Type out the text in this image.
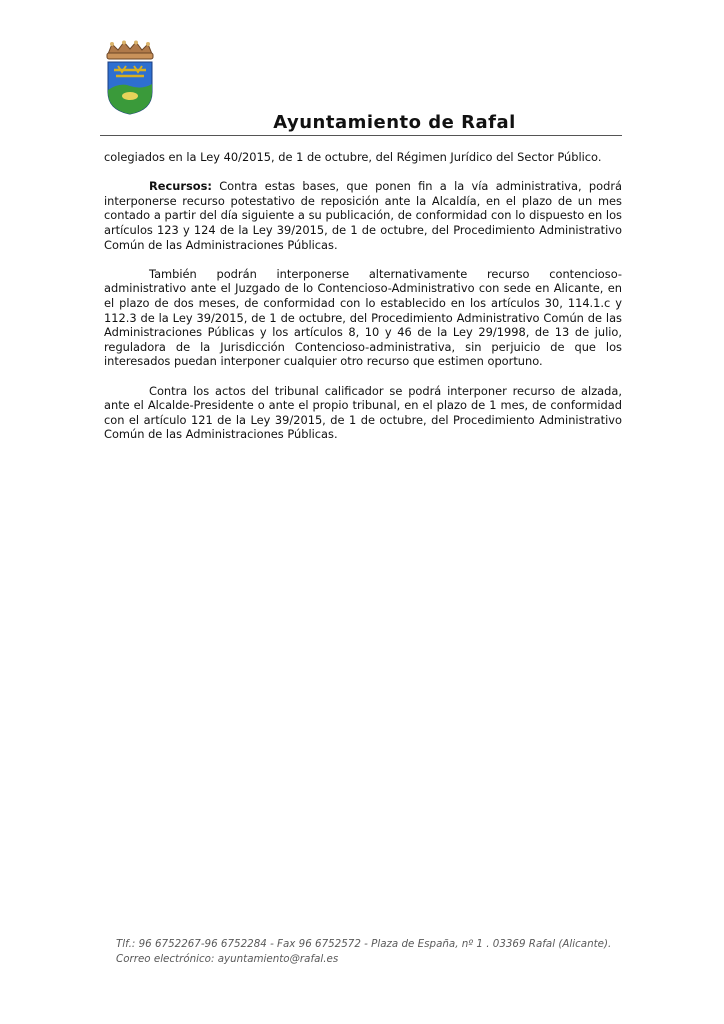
Ayuntamiento de Rafal

colegiados en la Ley 40/2015, de 1 de octubre, del Régimen Jurídico del Sector Público.

Recursos: Contra estas bases, que ponen fin a la vía administrativa, podrá interponerse recurso potestativo de reposición ante la Alcaldía, en el plazo de un mes contado a partir del día siguiente a su publicación, de conformidad con lo dispuesto en los artículos 123 y 124 de la Ley 39/2015, de 1 de octubre, del Procedimiento Administrativo Común de las Administraciones Públicas.

También podrán interponerse alternativamente recurso contencioso-administrativo ante el Juzgado de lo Contencioso-Administrativo con sede en Alicante, en el plazo de dos meses, de conformidad con lo establecido en los artículos 30, 114.1.c y 112.3 de la Ley 39/2015, de 1 de octubre, del Procedimiento Administrativo Común de las Administraciones Públicas y los artículos 8, 10 y 46 de la Ley 29/1998, de 13 de julio, reguladora de la Jurisdicción Contencioso-administrativa, sin perjuicio de que los interesados puedan interponer cualquier otro recurso que estimen oportuno.

Contra los actos del tribunal calificador se podrá interponer recurso de alzada, ante el Alcalde-Presidente o ante el propio tribunal, en el plazo de 1 mes, de conformidad con el artículo 121 de la Ley 39/2015, de 1 de octubre, del Procedimiento Administrativo Común de las Administraciones Públicas.

Tlf.: 96 6752267-96 6752284 - Fax 96 6752572 - Plaza de España, nº 1 . 03369 Rafal (Alicante).
Correo electrónico: ayuntamiento@rafal.es
